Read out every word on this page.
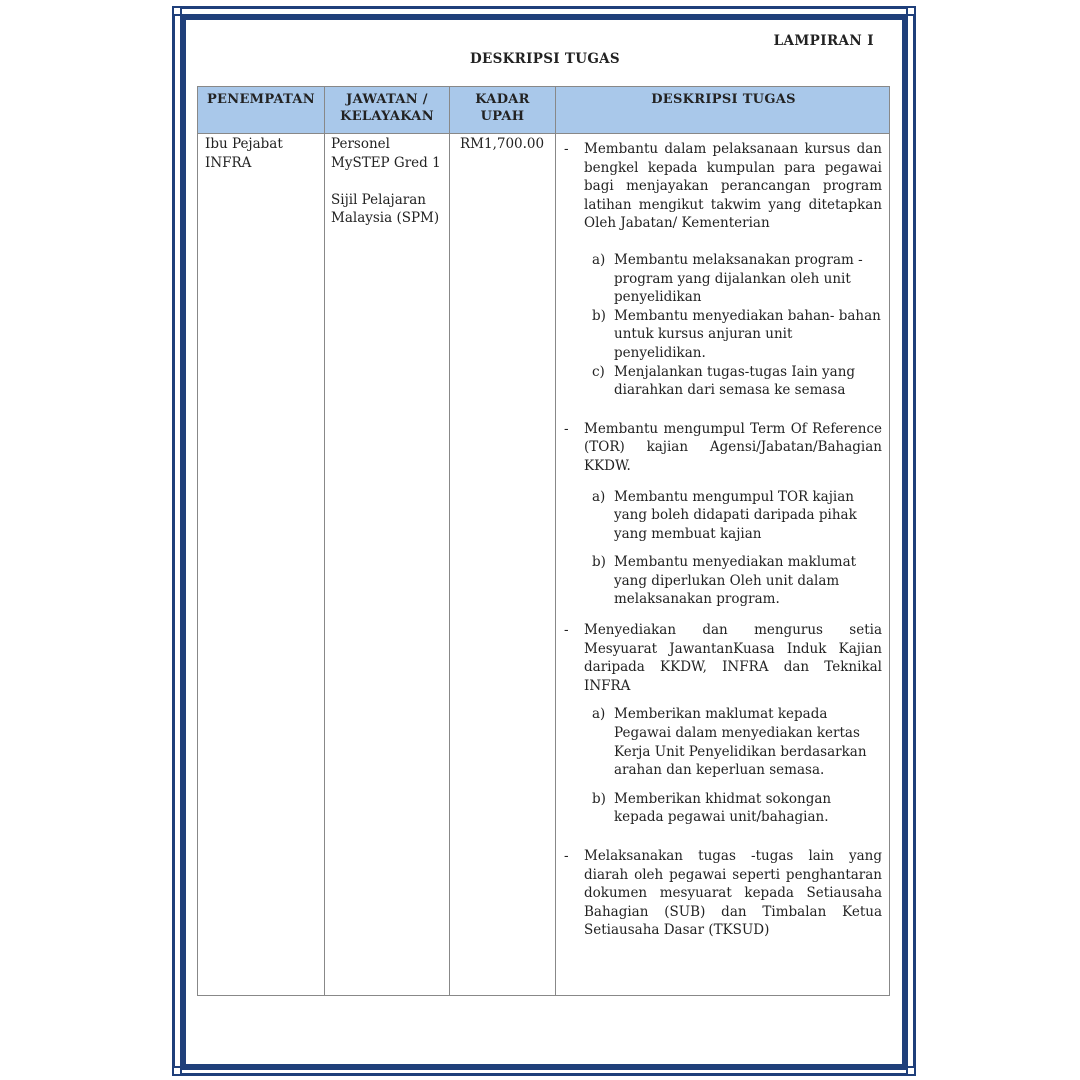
LAMPIRAN I
DESKRIPSI TUGAS
PENEMPATAN	JAWATAN /
KELAYAKAN
KADAR
UPAH
DESKRIPSI TUGAS
Ibu Pejabat
INFRA
Personel
MySTEP Gred 1

Sijil Pelajaran
Malaysia (SPM)
RM1,700.00	- Membantu dalam pelaksanaan kursus dan bengkel kepada kumpulan para pegawai bagi menjayakan perancangan program latihan mengikut takwim yang ditetapkan Oleh Jabatan/ Kementerian
a) Membantu melaksanakan program - program yang dijalankan oleh unit penyelidikan
b) Membantu menyediakan bahan- bahan untuk kursus anjuran unit penyelidikan.
c) Menjalankan tugas-tugas Iain yang diarahkan dari semasa ke semasa
- Membantu mengumpul Term Of Reference (TOR) kajian Agensi/Jabatan/Bahagian KKDW.
a) Membantu mengumpul TOR kajian yang boleh didapati daripada pihak yang membuat kajian
b) Membantu menyediakan maklumat yang diperlukan Oleh unit dalam melaksanakan program.
- Menyediakan dan mengurus setia Mesyuarat JawantanKuasa Induk Kajian daripada KKDW, INFRA dan Teknikal INFRA
a) Memberikan maklumat kepada Pegawai dalam menyediakan kertas Kerja Unit Penyelidikan berdasarkan arahan dan keperluan semasa.
b) Memberikan khidmat sokongan kepada pegawai unit/bahagian.
- Melaksanakan tugas -tugas lain yang diarah oleh pegawai seperti penghantaran dokumen mesyuarat kepada Setiausaha Bahagian (SUB) dan Timbalan Ketua Setiausaha Dasar (TKSUD)
